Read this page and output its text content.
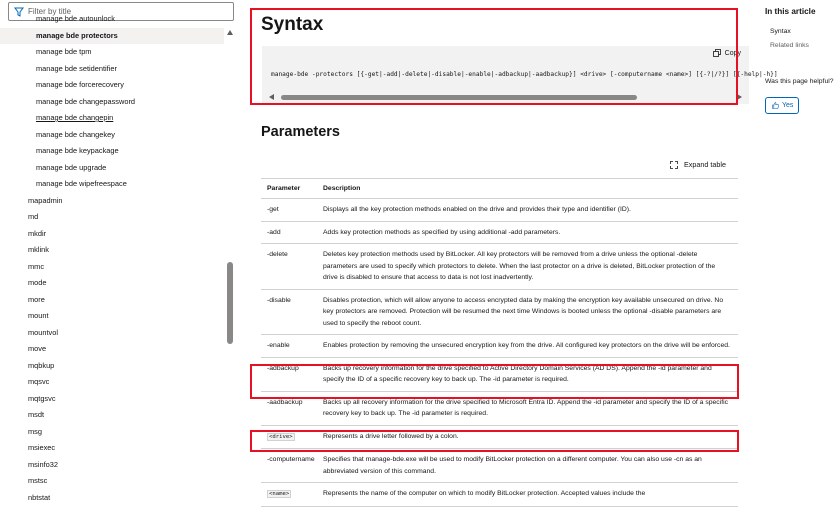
Filter by title
manage bde autounlock
manage bde protectors
manage bde tpm
manage bde setidentifier
manage bde forcerecovery
manage bde changepassword
manage bde changepin
manage bde changekey
manage bde keypackage
manage bde upgrade
manage bde wipefreespace
mapadmin
md
mkdir
mklink
mmc
mode
more
mount
mountvol
move
mqbkup
mqsvc
mqtgsvc
msdt
msg
msiexec
msinfo32
mstsc
nbtstat
Syntax
Copy
manage-bde -protectors [{-get|-add|-delete|-disable|-enable|-adbackup|-aadbackup}] <drive> [-computername <name>] [{-?|/?}] [{-help|-h}]
Parameters
Expand table
Parameter	Description
-get	Displays all the key protection methods enabled on the drive and provides their type and identifier (ID).
-add	Adds key protection methods as specified by using additional -add parameters.
-delete	Deletes key protection methods used by BitLocker. All key protectors will be removed from a drive unless the optional -delete parameters are used to specify which protectors to delete. When the last protector on a drive is deleted, BitLocker protection of the drive is disabled to ensure that access to data is not lost inadvertently.
-disable	Disables protection, which will allow anyone to access encrypted data by making the encryption key available unsecured on drive. No key protectors are removed. Protection will be resumed the next time Windows is booted unless the optional -disable parameters are used to specify the reboot count.
-enable	Enables protection by removing the unsecured encryption key from the drive. All configured key protectors on the drive will be enforced.
-adbackup	Backs up recovery information for the drive specified to Active Directory Domain Services (AD DS). Append the -id parameter and specify the ID of a specific recovery key to back up. The -id parameter is required.
-aadbackup	Backs up all recovery information for the drive specified to Microsoft Entra ID. Append the -id parameter and specify the ID of a specific recovery key to back up. The -id parameter is required.
<drive>	Represents a drive letter followed by a colon.
-computername	Specifies that manage-bde.exe will be used to modify BitLocker protection on a different computer. You can also use -cn as an abbreviated version of this command.
<name>	Represents the name of the computer on which to modify BitLocker protection. Accepted values include the
In this article
Syntax
Related links
Was this page helpful?
Yes
